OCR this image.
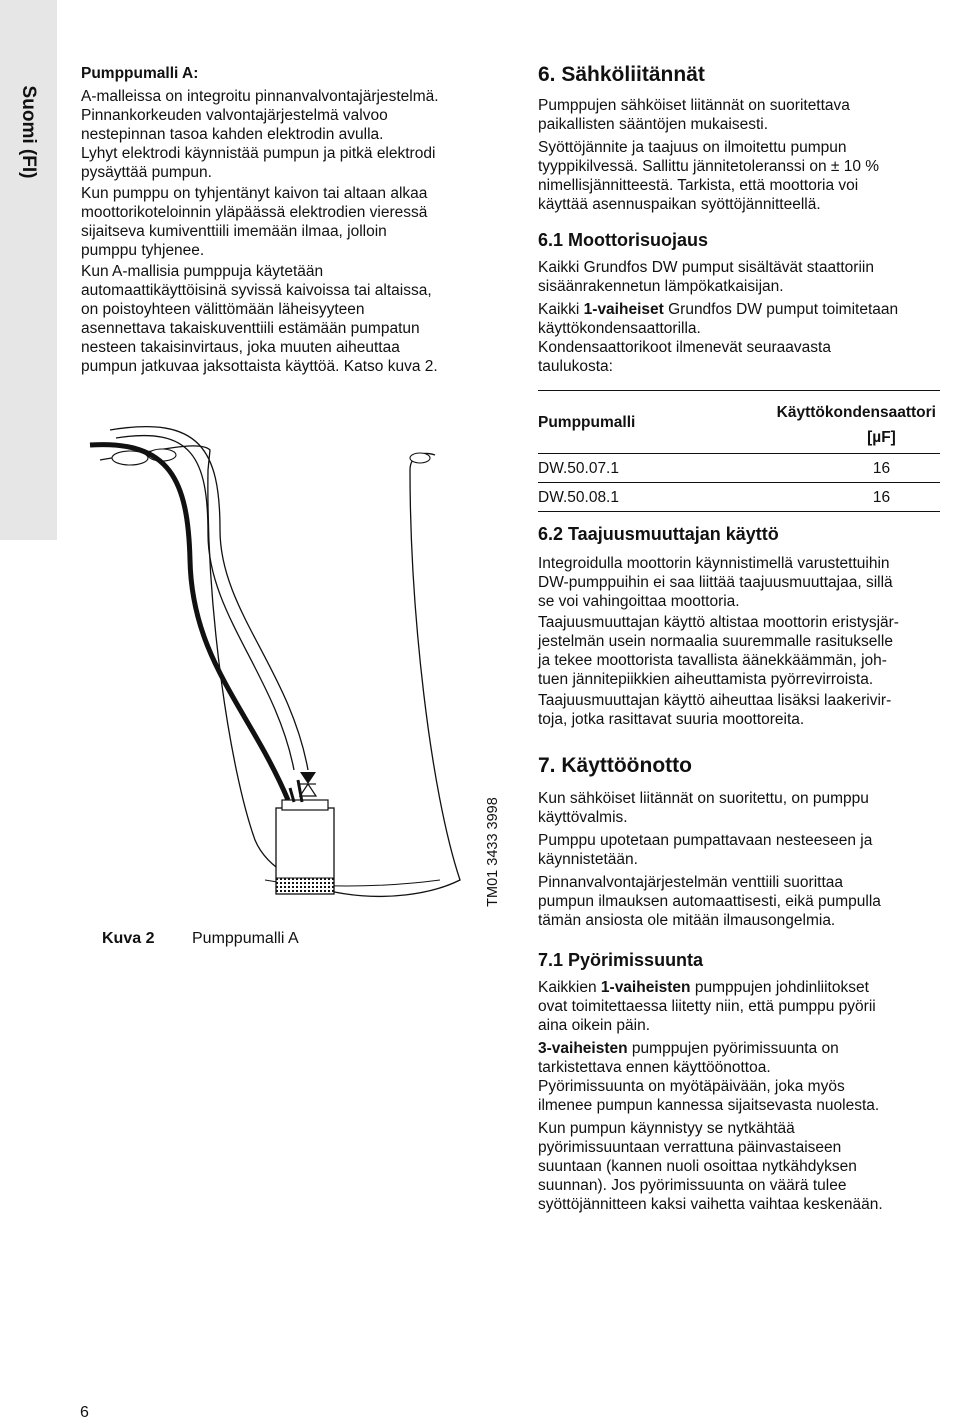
Suomi (FI)

Pumppumalli A:

A-malleissa on integroitu pinnanvalvontajärjestelmä.
Pinnankorkeuden valvontajärjestelmä valvoo
nestepinnan tasoa kahden elektrodin avulla.
Lyhyt elektrodi käynnistää pumpun ja pitkä elektrodi
pysäyttää pumpun.
Kun pumppu on tyhjentänyt kaivon tai altaan alkaa
moottorikoteloinnin yläpäässä elektrodien vieressä
sijaitseva kumiventtiili imemään ilmaa, jolloin
pumppu tyhjenee.
Kun A-mallisia pumppuja käytetään
automaattikäyttöisinä syvissä kaivoissa tai altaissa,
on poistoyhteen välittömään läheisyyteen
asennettava takaiskuventtiili estämään pumpatun
nesteen takaisinvirtaus, joka muuten aiheuttaa
pumpun jatkuvaa jaksottaista käyttöä. Katso kuva 2.
Kuva 2 Pumppumalli A
TM01 3433 3998
6. Sähköliitännät
Pumppujen sähköiset liitännät on suoritettava
paikallisten sääntöjen mukaisesti.
Syöttöjännite ja taajuus on ilmoitettu pumpun
tyyppikilvessä. Sallittu jännitetoleranssi on ± 10 %
nimellisjännitteestä. Tarkista, että moottoria voi
käyttää asennuspaikan syöttöjännitteellä.
6.1 Moottorisuojaus
Kaikki Grundfos DW pumput sisältävät staattoriin
sisäänrakennetun lämpökatkaisijan.
Kaikki 1-vaiheiset Grundfos DW pumput toimitetaan
käyttökondensaattorilla.
Kondensaattorikoot ilmenevät seuraavasta
taulukosta:
Pumppumalli	Käyttökondensaattori
	[µF]
DW.50.07.1	16
DW.50.08.1	16
6.2 Taajuusmuuttajan käyttö
Integroidulla moottorin käynnistimellä varustettuihin
DW-pumppuihin ei saa liittää taajuusmuuttajaa, sillä
se voi vahingoittaa moottoria.
Taajuusmuuttajan käyttö altistaa moottorin eristysjär-
jestelmän usein normaalia suuremmalle rasitukselle
ja tekee moottorista tavallista äänekkäämmän, joh-
tuen jännitepiikkien aiheuttamista pyörrevirroista.
Taajuusmuuttajan käyttö aiheuttaa lisäksi laakerivir-
toja, jotka rasittavat suuria moottoreita.
7. Käyttöönotto
Kun sähköiset liitännät on suoritettu, on pumppu
käyttövalmis.
Pumppu upotetaan pumpattavaan nesteeseen ja
käynnistetään.
Pinnanvalvontajärjestelmän venttiili suorittaa
pumpun ilmauksen automaattisesti, eikä pumpulla
tämän ansiosta ole mitään ilmausongelmia.
7.1 Pyörimissuunta
Kaikkien 1-vaiheisten pumppujen johdinliitokset
ovat toimitettaessa liitetty niin, että pumppu pyörii
aina oikein päin.
3-vaiheisten pumppujen pyörimissuunta on
tarkistettava ennen käyttöönottoa.
Pyörimissuunta on myötäpäivään, joka myös
ilmenee pumpun kannessa sijaitsevasta nuolesta.
Kun pumpun käynnistyy se nytkähtää
pyörimissuuntaan verrattuna päinvastaiseen
suuntaan (kannen nuoli osoittaa nytkähdyksen
suunnan). Jos pyörimissuunta on väärä tulee
syöttöjännitteen kaksi vaihetta vaihtaa keskenään.
6
